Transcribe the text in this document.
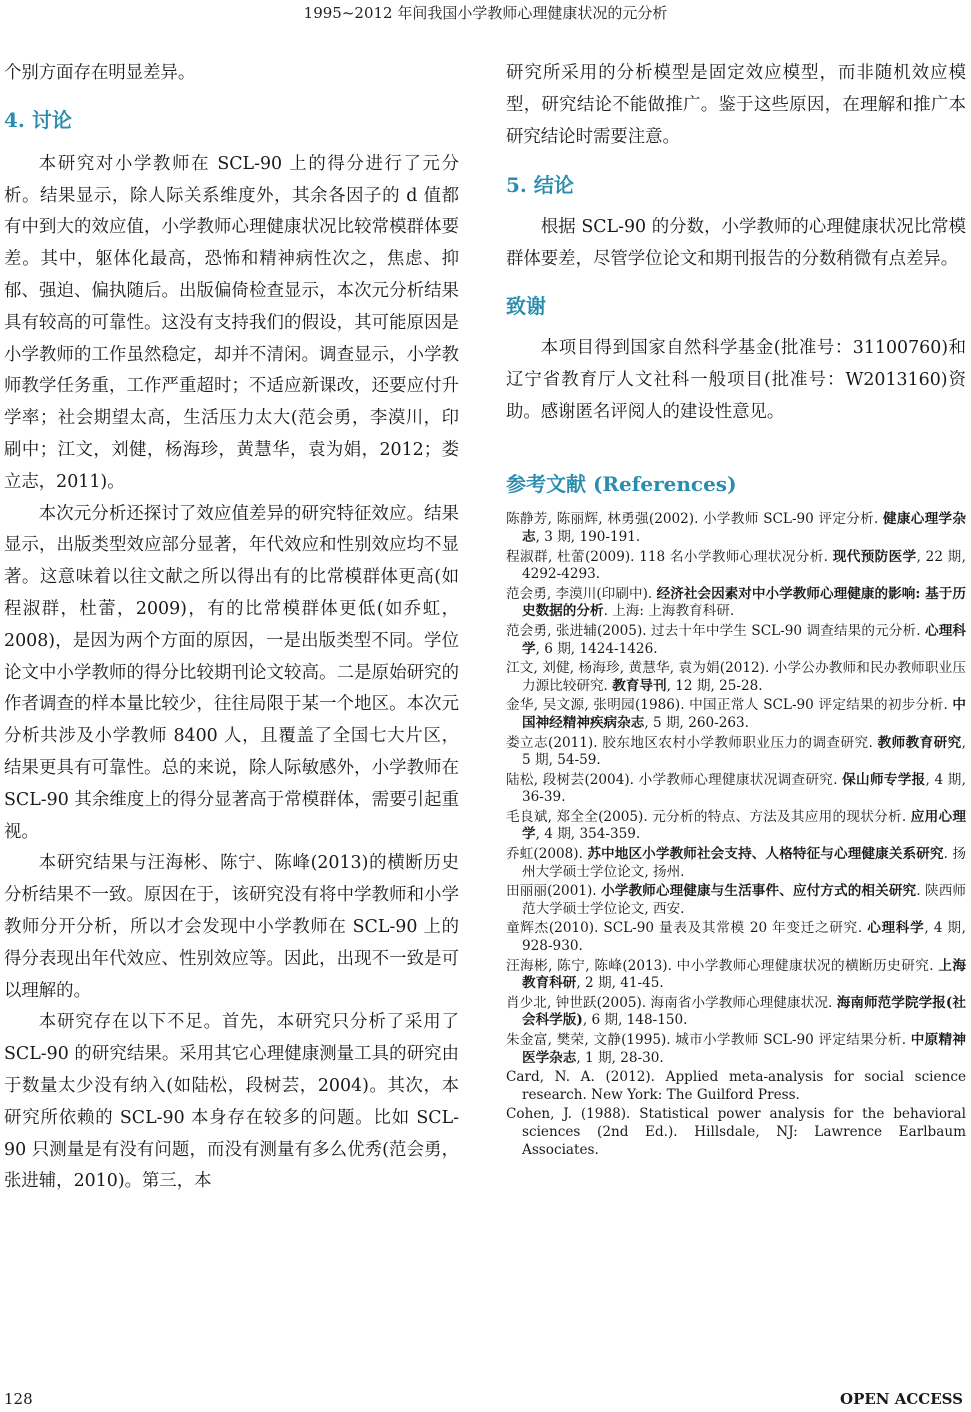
1995~2012 年间我国小学教师心理健康状况的元分析

个别方面存在明显差异。

4. 讨论

本研究对小学教师在 SCL-90 上的得分进行了元分析。结果显示，除人际关系维度外，其余各因子的 d 值都有中到大的效应值，小学教师心理健康状况比较常模群体要差。其中，躯体化最高，恐怖和精神病性次之，焦虑、抑郁、强迫、偏执随后。出版偏倚检查显示，本次元分析结果具有较高的可靠性。这没有支持我们的假设，其可能原因是小学教师的工作虽然稳定，却并不清闲。调查显示，小学教师教学任务重，工作严重超时；不适应新课改，还要应付升学率；社会期望太高，生活压力太大(范会勇，李漠川，印刷中；江文，刘健，杨海珍，黄慧华，袁为娟，2012；娄立志，2011)。

本次元分析还探讨了效应值差异的研究特征效应。结果显示，出版类型效应部分显著，年代效应和性别效应均不显著。这意味着以往文献之所以得出有的比常模群体更高(如程淑群，杜蕾，2009)，有的比常模群体更低(如乔虹，2008)，是因为两个方面的原因，一是出版类型不同。学位论文中小学教师的得分比较期刊论文较高。二是原始研究的作者调查的样本量比较少，往往局限于某一个地区。本次元分析共涉及小学教师 8400 人，且覆盖了全国七大片区，结果更具有可靠性。总的来说，除人际敏感外，小学教师在 SCL-90 其余维度上的得分显著高于常模群体，需要引起重视。

本研究结果与汪海彬、陈宁、陈峰(2013)的横断历史分析结果不一致。原因在于，该研究没有将中学教师和小学教师分开分析，所以才会发现中小学教师在 SCL-90 上的得分表现出年代效应、性别效应等。因此，出现不一致是可以理解的。

本研究存在以下不足。首先，本研究只分析了采用了 SCL-90 的研究结果。采用其它心理健康测量工具的研究由于数量太少没有纳入(如陆松，段树芸，2004)。其次，本研究所依赖的 SCL-90 本身存在较多的问题。比如 SCL-90 只测量是有没有问题，而没有测量有多么优秀(范会勇，张进辅，2010)。第三，本

研究所采用的分析模型是固定效应模型，而非随机效应模型，研究结论不能做推广。鉴于这些原因，在理解和推广本研究结论时需要注意。

5. 结论

根据 SCL-90 的分数，小学教师的心理健康状况比常模群体要差，尽管学位论文和期刊报告的分数稍微有点差异。

致谢

本项目得到国家自然科学基金(批准号：31100760)和辽宁省教育厅人文社科一般项目(批准号：W2013160)资助。感谢匿名评阅人的建设性意见。

参考文献 (References)
陈静芳, 陈丽辉, 林勇强(2002). 小学教师 SCL-90 评定分析. 健康心理学杂志, 3 期, 190-191.
程淑群, 杜蕾(2009). 118 名小学教师心理状况分析. 现代预防医学, 22 期, 4292-4293.
范会勇, 李漠川(印刷中). 经济社会因素对中小学教师心理健康的影响: 基于历史数据的分析. 上海: 上海教育科研.
范会勇, 张进辅(2005). 过去十年中学生 SCL-90 调查结果的元分析. 心理科学, 6 期, 1424-1426.
江文, 刘健, 杨海珍, 黄慧华, 袁为娟(2012). 小学公办教师和民办教师职业压力源比较研究. 教育导刊, 12 期, 25-28.
金华, 吴文源, 张明园(1986). 中国正常人 SCL-90 评定结果的初步分析. 中国神经精神疾病杂志, 5 期, 260-263.
娄立志(2011). 胶东地区农村小学教师职业压力的调查研究. 教师教育研究, 5 期, 54-59.
陆松, 段树芸(2004). 小学教师心理健康状况调查研究. 保山师专学报, 4 期, 36-39.
毛良斌, 郑全全(2005). 元分析的特点、方法及其应用的现状分析. 应用心理学, 4 期, 354-359.
乔虹(2008). 苏中地区小学教师社会支持、人格特征与心理健康关系研究. 扬州大学硕士学位论文, 扬州.
田丽丽(2001). 小学教师心理健康与生活事件、应付方式的相关研究. 陕西师范大学硕士学位论文, 西安.
童辉杰(2010). SCL-90 量表及其常模 20 年变迁之研究. 心理科学, 4 期, 928-930.
汪海彬, 陈宁, 陈峰(2013). 中小学教师心理健康状况的横断历史研究. 上海教育科研, 2 期, 41-45.
肖少北, 钟世跃(2005). 海南省小学教师心理健康状况. 海南师范学院学报(社会科学版), 6 期, 148-150.
朱金富, 樊荣, 文静(1995). 城市小学教师 SCL-90 评定结果分析. 中原精神医学杂志, 1 期, 28-30.
Card, N. A. (2012). Applied meta-analysis for social science research. New York: The Guilford Press.
Cohen, J. (1988). Statistical power analysis for the behavioral sciences (2nd Ed.). Hillsdale, NJ: Lawrence Earlbaum Associates.
128	OPEN ACCESS
